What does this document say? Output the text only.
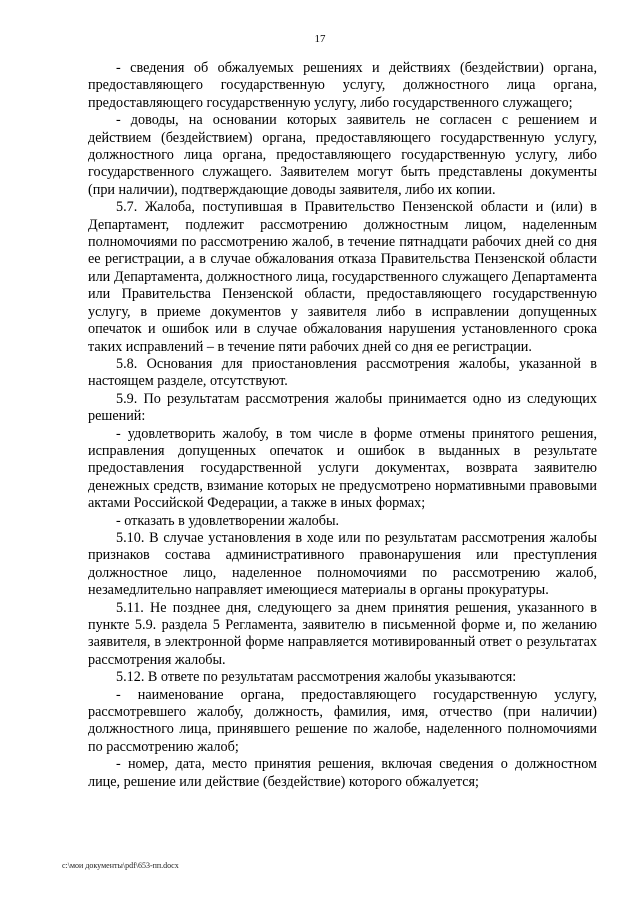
17

- сведения об обжалуемых решениях и действиях (бездействии) органа, предоставляющего государственную услугу, должностного лица органа, предоставляющего государственную услугу, либо государственного служащего;

- доводы, на основании которых заявитель не согласен с решением и действием (бездействием) органа, предоставляющего государственную услугу, должностного лица органа, предоставляющего государственную услугу, либо государственного служащего. Заявителем могут быть представлены документы (при наличии), подтверждающие доводы заявителя, либо их копии.

5.7. Жалоба, поступившая в Правительство Пензенской области и (или) в Департамент, подлежит рассмотрению должностным лицом, наделенным полномочиями по рассмотрению жалоб, в течение пятнадцати рабочих дней со дня ее регистрации, а в случае обжалования отказа Правительства Пензенской области или Департамента, должностного лица, государственного служащего Департамента или Правительства Пензенской области, предоставляющего государственную услугу, в приеме документов у заявителя либо в исправлении допущенных опечаток и ошибок или в случае обжалования нарушения установленного срока таких исправлений – в течение пяти рабочих дней со дня ее регистрации.

5.8. Основания для приостановления рассмотрения жалобы, указанной в настоящем разделе, отсутствуют.

5.9. По результатам рассмотрения жалобы принимается одно из следующих решений:

- удовлетворить жалобу, в том числе в форме отмены принятого решения, исправления допущенных опечаток и ошибок в выданных в результате предоставления государственной услуги документах, возврата заявителю денежных средств, взимание которых не предусмотрено нормативными правовыми актами Российской Федерации, а также в иных формах;

- отказать в удовлетворении жалобы.

5.10. В случае установления в ходе или по результатам рассмотрения жалобы признаков состава административного правонарушения или преступления должностное лицо, наделенное полномочиями по рассмотрению жалоб, незамедлительно направляет имеющиеся материалы в органы прокуратуры.

5.11. Не позднее дня, следующего за днем принятия решения, указанного в пункте 5.9. раздела 5 Регламента, заявителю в письменной форме и, по желанию заявителя, в электронной форме направляется мотивированный ответ о результатах рассмотрения жалобы.

5.12. В ответе по результатам рассмотрения жалобы указываются:

- наименование органа, предоставляющего государственную услугу, рассмотревшего жалобу, должность, фамилия, имя, отчество (при наличии) должностного лица, принявшего решение по жалобе, наделенного полномочиями по рассмотрению жалоб;

- номер, дата, место принятия решения, включая сведения о должностном лице, решение или действие (бездействие) которого обжалуется;

c:\мои документы\pdf\653-пп.docx
